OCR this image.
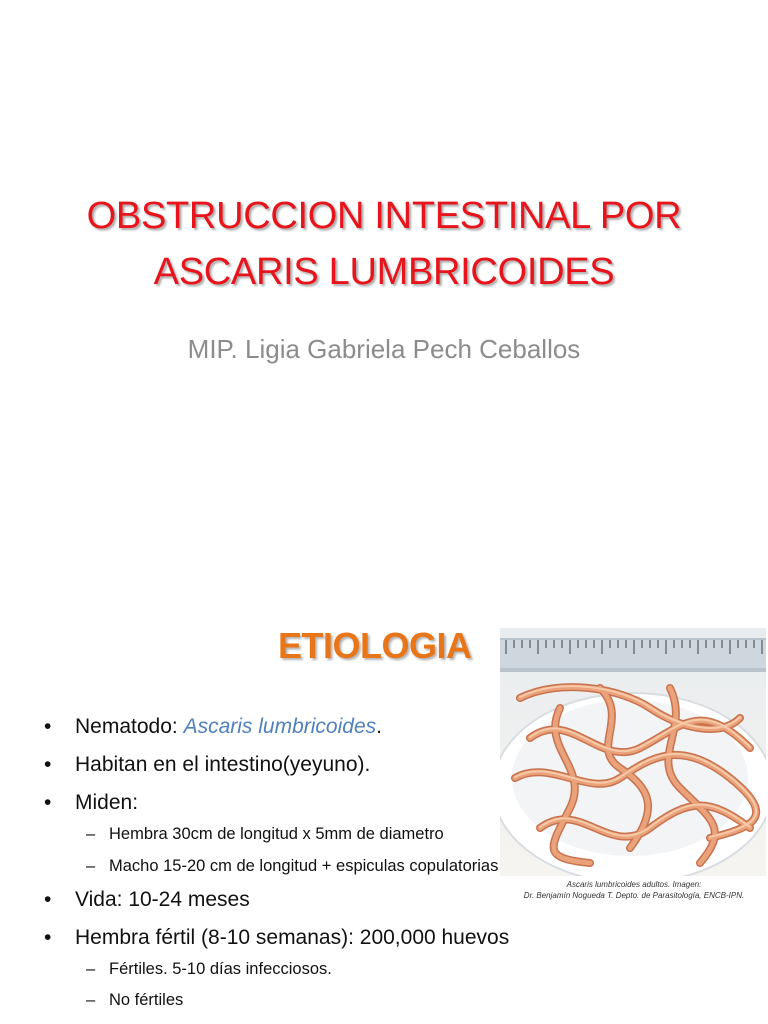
OBSTRUCCION INTESTINAL POR
ASCARIS LUMBRICOIDES
MIP. Ligia Gabriela Pech Ceballos
ETIOLOGIA
Ascaris lumbricoides adultos. Imagen:
Dr. Benjamín Nogueda T. Depto. de Parasitología, ENCB-IPN.
• Nematodo: Ascaris lumbricoides.
• Habitan en el intestino(yeyuno).
• Miden:
– Hembra 30cm de longitud x 5mm de diametro
– Macho 15-20 cm de longitud + espiculas copulatorias
• Vida: 10-24 meses
• Hembra fértil (8-10 semanas): 200,000 huevos
– Fértiles. 5-10 días infecciosos.
– No fértiles
